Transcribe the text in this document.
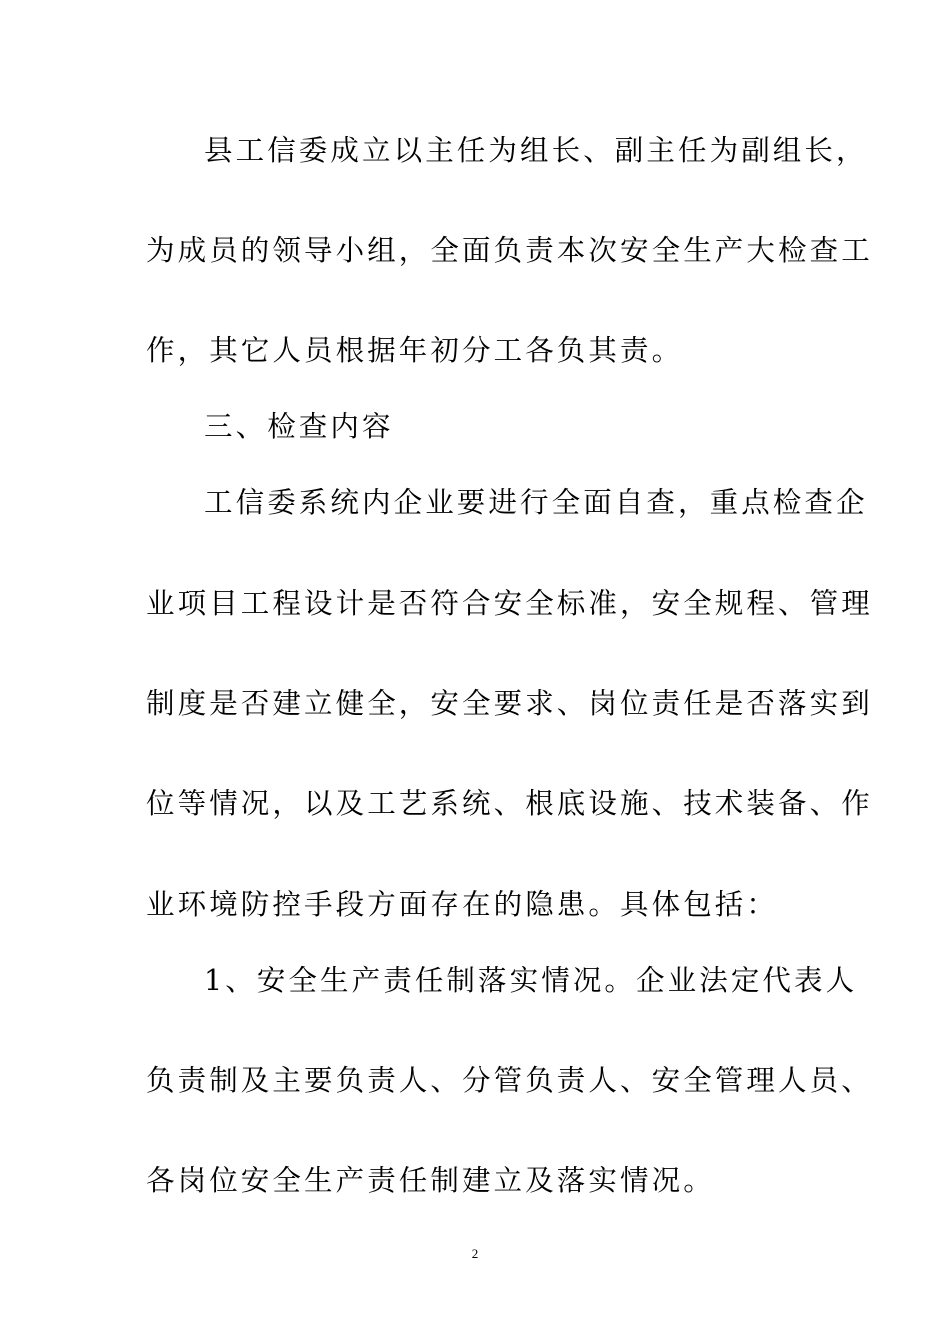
县工信委成立以主任为组长、副主任为副组长，
为成员的领导小组，全面负责本次安全生产大检查工
作，其它人员根据年初分工各负其责。
三、检查内容
工信委系统内企业要进行全面自查，重点检查企
业项目工程设计是否符合安全标准，安全规程、管理
制度是否建立健全，安全要求、岗位责任是否落实到
位等情况，以及工艺系统、根底设施、技术装备、作
业环境防控手段方面存在的隐患。具体包括：
1、安全生产责任制落实情况。企业法定代表人
负责制及主要负责人、分管负责人、安全管理人员、
各岗位安全生产责任制建立及落实情况。
2
